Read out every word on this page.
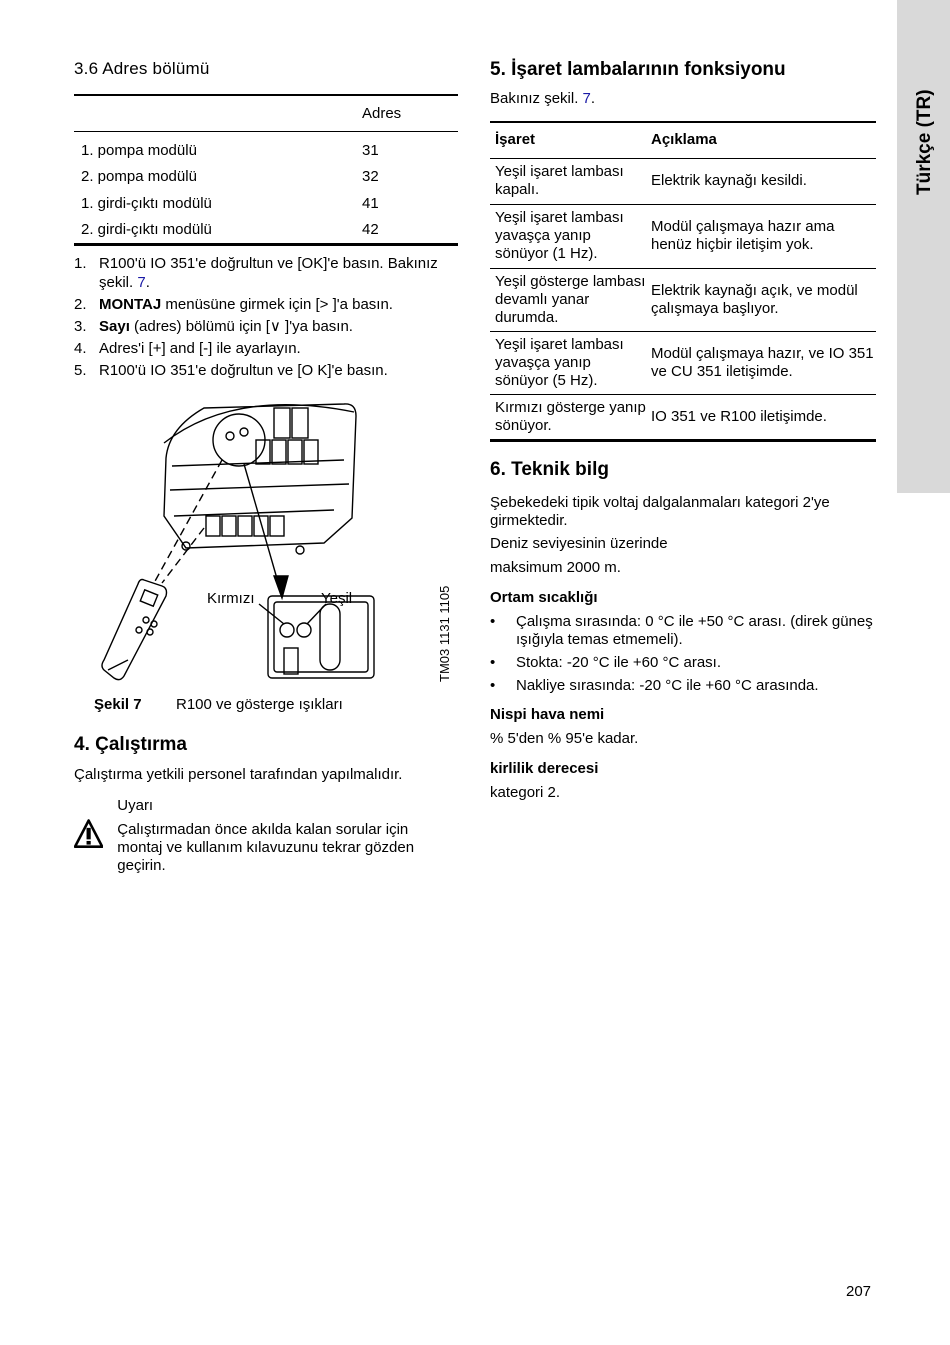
Türkçe (TR)
3.6 Adres bölümü
	Adres
1. pompa modülü	31
2. pompa modülü	32
1. girdi-çıktı modülü	41
2. girdi-çıktı modülü	42
1. R100'ü IO 351'e doğrultun ve [OK]'e basın. Bakınız şekil. 7.
2. MONTAJ menüsüne girmek için [> ]'a basın.
3. Sayı (adres) bölümü için [∨ ]'ya basın.
4. Adres'i [+] and [-] ile ayarlayın.
5. R100'ü IO 351'e doğrultun ve [O K]'e basın.
Kırmızı	Yeşil	TM03 1131 1105
Şekil 7	R100 ve gösterge ışıkları
4. Çalıştırma

Çalıştırma yetkili personel tarafından yapılmalıdır.

Uyarı
Çalıştırmadan önce akılda kalan sorular için montaj ve kullanım kılavuzunu tekrar gözden geçirin.
5. İşaret lambalarının fonksiyonu
Bakınız şekil. 7.
İşaret	Açıklama
Yeşil işaret lambası kapalı.	Elektrik kaynağı kesildi.
Yeşil işaret lambası yavaşça yanıp sönüyor (1 Hz).	Modül çalışmaya hazır ama henüz hiçbir iletişim yok.
Yeşil gösterge lambası devamlı yanar durumda.	Elektrik kaynağı açık, ve modül çalışmaya başlıyor.
Yeşil işaret lambası yavaşça yanıp sönüyor (5 Hz).	Modül çalışmaya hazır, ve IO 351 ve CU 351 iletişimde.
Kırmızı gösterge yanıp sönüyor.	IO 351 ve R100 iletişimde.
6. Teknik bilg

Şebekedeki tipik voltaj dalgalanmaları kategori 2'ye girmektedir.

Deniz seviyesinin üzerinde

maksimum 2000 m.

Ortam sıcaklığı
•	Çalışma sırasında: 0 °C ile +50 °C arası. (direk güneş ışığıyla temas etmemeli).
•	Stokta: -20 °C ile +60 °C arası.
•	Nakliye sırasında: -20 °C ile +60 °C arasında.
Nispi hava nemi

% 5'den % 95'e kadar.

kirlilik derecesi

kategori 2.

207
